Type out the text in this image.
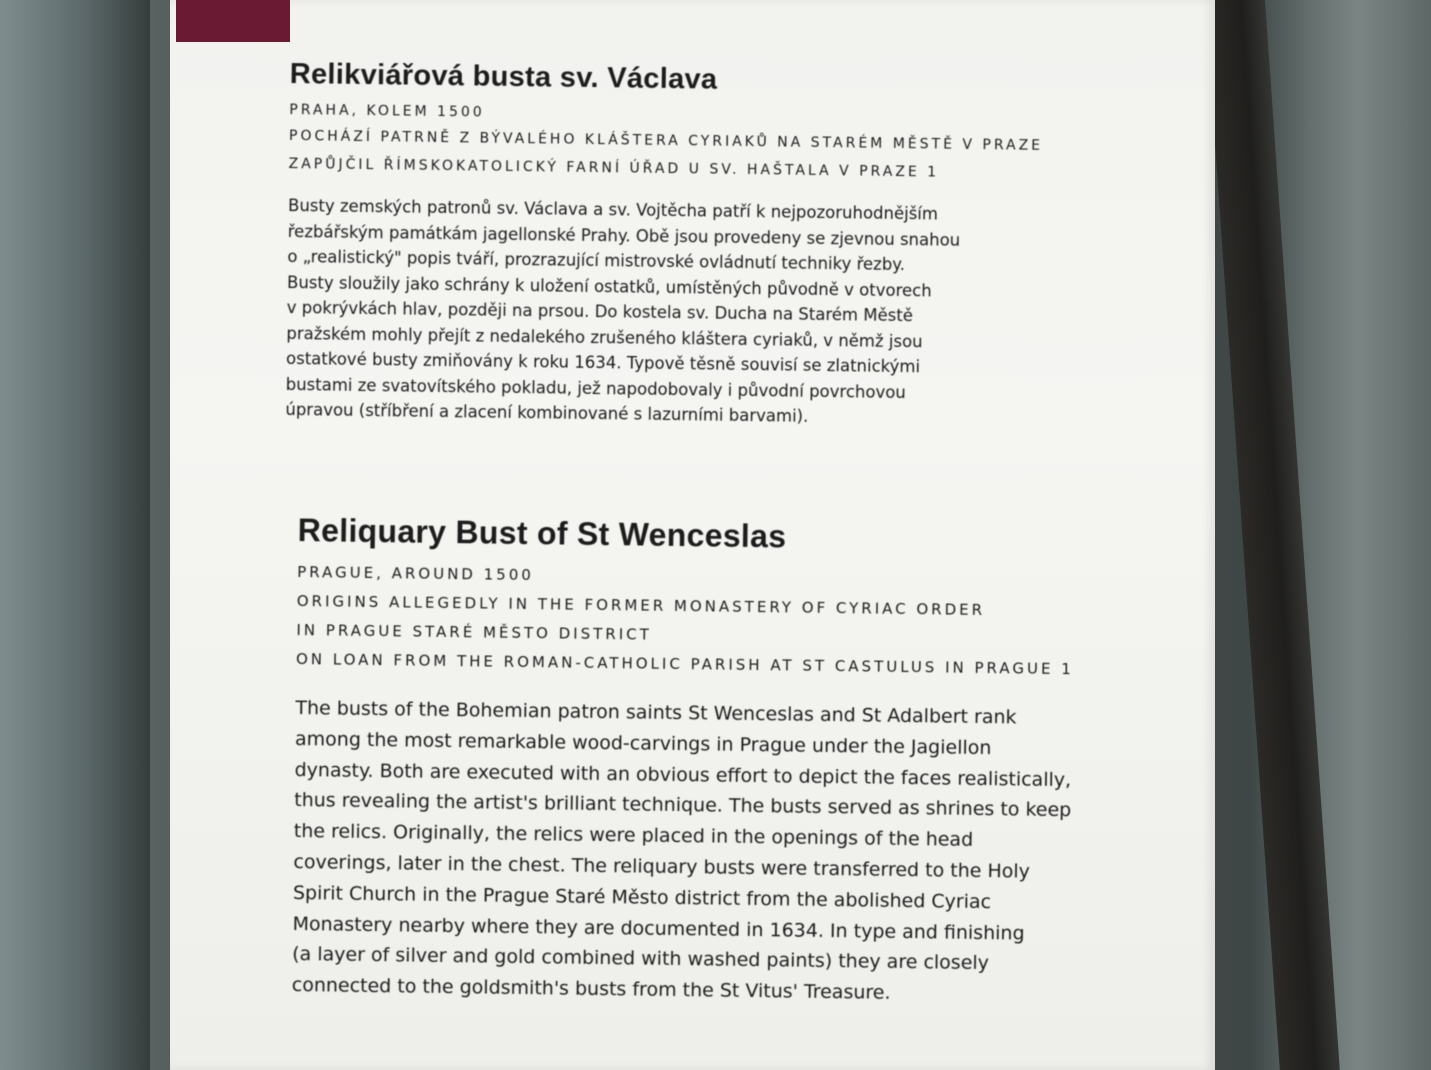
Relikviářová busta sv. Václava

PRAHA, KOLEM 1500

POCHÁZÍ PATRNĚ Z BÝVALÉHO KLÁŠTERA CYRIAKŮ NA STARÉM MĚSTĚ V PRAZE

ZAPŮJČIL ŘÍMSKOKATOLICKÝ FARNÍ ÚŘAD U SV. HAŠTALA V PRAZE 1

Busty zemských patronů sv. Václava a sv. Vojtěcha patří k nejpozoruhodnějším

řezbářským památkám jagellonské Prahy. Obě jsou provedeny se zjevnou snahou

o „realistický" popis tváří, prozrazující mistrovské ovládnutí techniky řezby.

Busty sloužily jako schrány k uložení ostatků, umístěných původně v otvorech

v pokrývkách hlav, později na prsou. Do kostela sv. Ducha na Starém Městě

pražském mohly přejít z nedalekého zrušeného kláštera cyriaků, v němž jsou

ostatkové busty zmiňovány k roku 1634. Typově těsně souvisí se zlatnickými

bustami ze svatovítského pokladu, jež napodobovaly i původní povrchovou

úpravou (stříbření a zlacení kombinované s lazurními barvami).

Reliquary Bust of St Wenceslas

PRAGUE, AROUND 1500

ORIGINS ALLEGEDLY IN THE FORMER MONASTERY OF CYRIAC ORDER

IN PRAGUE STARÉ MĚSTO DISTRICT

ON LOAN FROM THE ROMAN-CATHOLIC PARISH AT ST CASTULUS IN PRAGUE 1

The busts of the Bohemian patron saints St Wenceslas and St Adalbert rank

among the most remarkable wood-carvings in Prague under the Jagiellon

dynasty. Both are executed with an obvious effort to depict the faces realistically,

thus revealing the artist's brilliant technique. The busts served as shrines to keep

the relics. Originally, the relics were placed in the openings of the head

coverings, later in the chest. The reliquary busts were transferred to the Holy

Spirit Church in the Prague Staré Město district from the abolished Cyriac

Monastery nearby where they are documented in 1634. In type and finishing

(a layer of silver and gold combined with washed paints) they are closely

connected to the goldsmith's busts from the St Vitus' Treasure.
